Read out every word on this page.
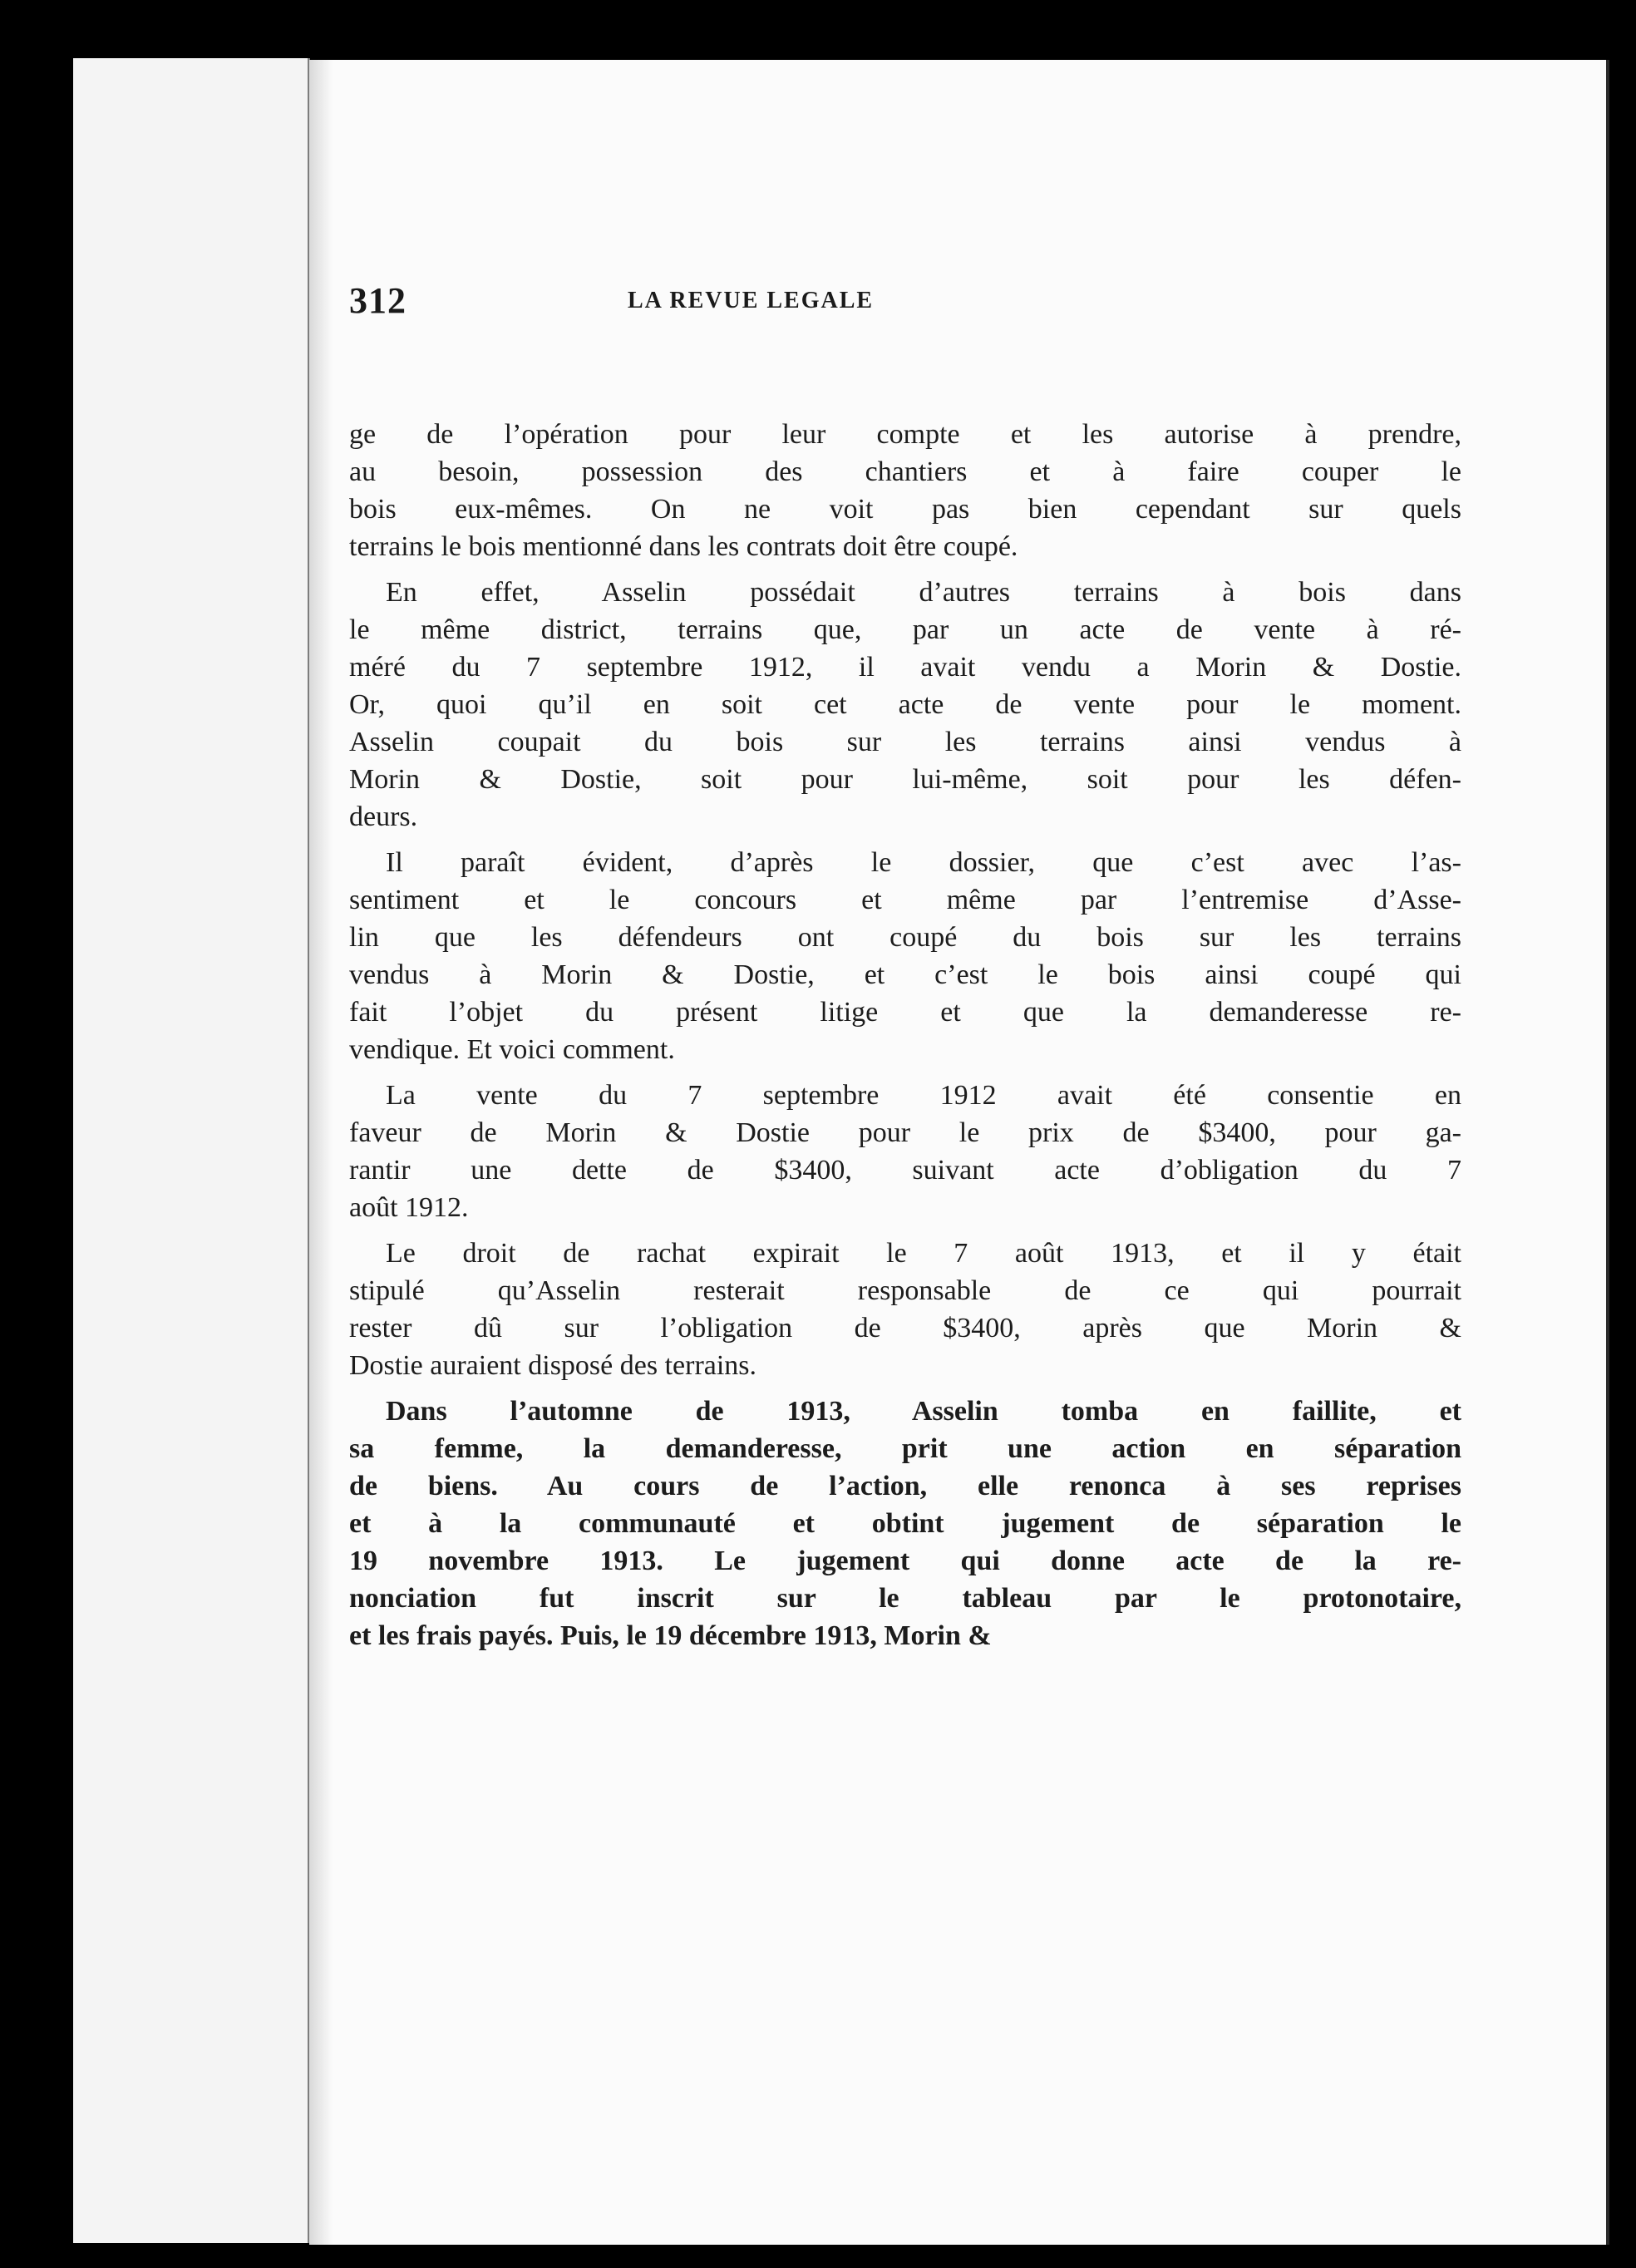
312	LA REVUE LEGALE
ge de l’opération pour leur compte et les autorise à prendre,
au besoin, possession des chantiers et à faire couper le
bois eux-mêmes. On ne voit pas bien cependant sur quels
terrains le bois mentionné dans les contrats doit être coupé.
En effet, Asselin possédait d’autres terrains à bois dans
le même district, terrains que, par un acte de vente à ré-
méré du 7 septembre 1912, il avait vendu a Morin & Dostie.
Or, quoi qu’il en soit cet acte de vente pour le moment.
Asselin coupait du bois sur les terrains ainsi vendus à
Morin & Dostie, soit pour lui-même, soit pour les défen-
deurs.
Il paraît évident, d’après le dossier, que c’est avec l’as-
sentiment et le concours et même par l’entremise d’Asse-
lin que les défendeurs ont coupé du bois sur les terrains
vendus à Morin & Dostie, et c’est le bois ainsi coupé qui
fait l’objet du présent litige et que la demanderesse re-
vendique. Et voici comment.
La vente du 7 septembre 1912 avait été consentie en
faveur de Morin & Dostie pour le prix de $3400, pour ga-
rantir une dette de $3400, suivant acte d’obligation du 7
août 1912.
Le droit de rachat expirait le 7 août 1913, et il y était
stipulé qu’Asselin resterait responsable de ce qui pourrait
rester dû sur l’obligation de $3400, après que Morin &
Dostie auraient disposé des terrains.
Dans l’automne de 1913, Asselin tomba en faillite, et
sa femme, la demanderesse, prit une action en séparation
de biens. Au cours de l’action, elle renonca à ses reprises
et à la communauté et obtint jugement de séparation le
19 novembre 1913. Le jugement qui donne acte de la re-
nonciation fut inscrit sur le tableau par le protonotaire,
et les frais payés. Puis, le 19 décembre 1913, Morin &
